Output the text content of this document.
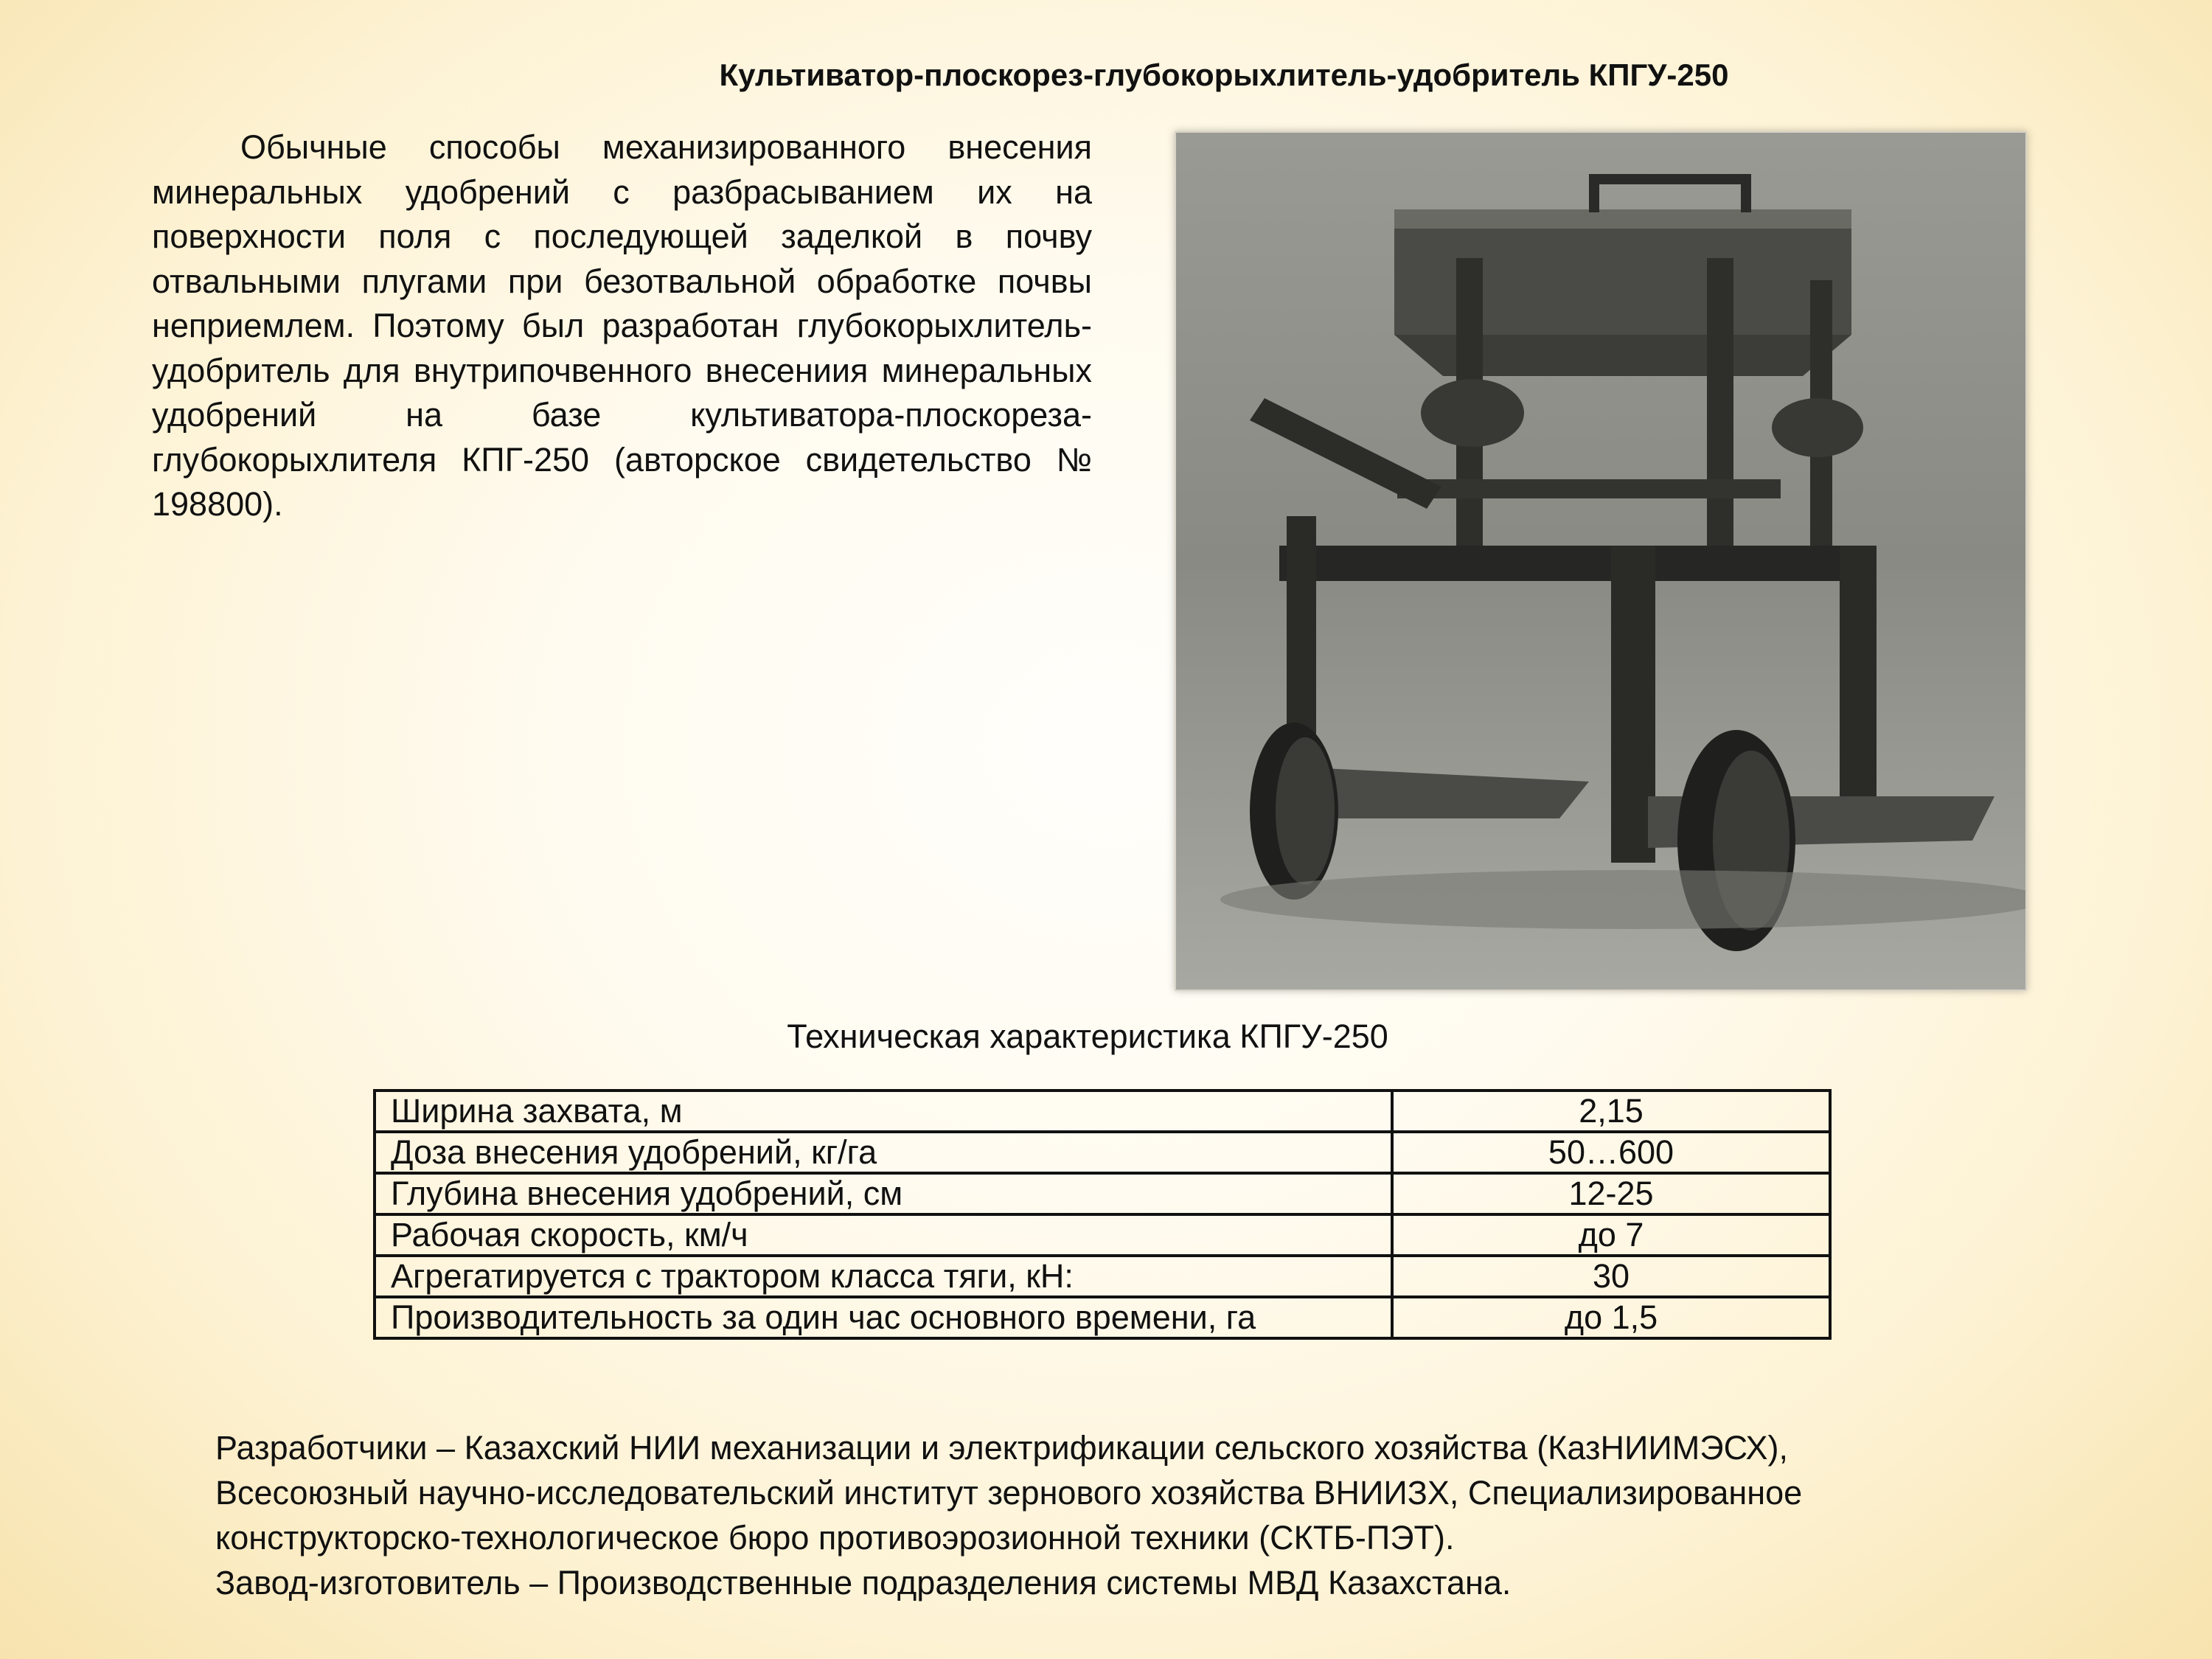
Культиватор-плоскорез-глубокорыхлитель-удобритель КПГУ-250

Обычные способы механизированного внесения минеральных удобрений с разбрасыванием их на поверхности поля с последующей заделкой в почву отвальными плугами при безотвальной обработке почвы неприемлем. Поэтому был разработан глубокорыхлитель-удобритель для внутрипочвенного внесениия минеральных удобрений на базе культиватора-плоскореза-глубокорыхлителя КПГ-250 (авторское свидетельство № 198800).

Техническая характеристика КПГУ-250
Ширина захвата, м	2,15
Доза внесения удобрений, кг/га	50…600
Глубина внесения удобрений, см	12-25
Рабочая скорость, км/ч	до 7
Агрегатируется с трактором класса тяги, кН:	30
Производительность за один час основного времени, га	до 1,5

Разработчики – Казахский НИИ механизации и электрификации сельского хозяйства (КазНИИМЭСХ),
Всесоюзный научно-исследовательский институт зернового хозяйства ВНИИЗХ, Специализированное
конструкторско-технологическое бюро противоэрозионной техники (СКТБ-ПЭТ).
Завод-изготовитель – Производственные подразделения системы МВД Казахстана.
